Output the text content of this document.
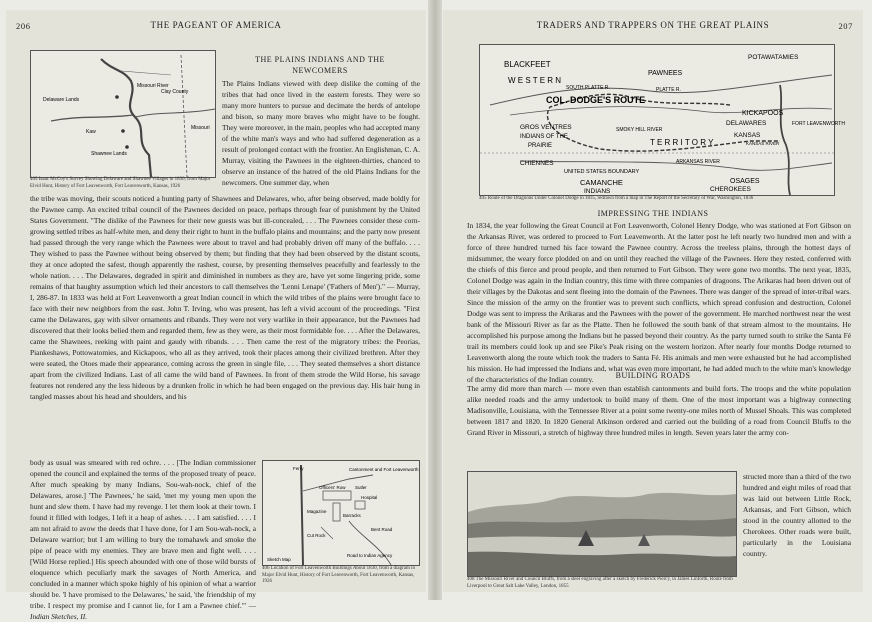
206	THE PAGEANT OF AMERICA
Delaware Lands
Kaw
Missouri River
Shawnee Lands
Clay County
Missouri
405 Isaac McCoy's Survey Showing Delaware and Shawnee Villages in 1830, from Major Elvid Hunt, History of Fort Leavenworth, Fort Leavenworth, Kansas, 1926
THE PLAINS INDIANS AND THE
NEWCOMERS

The Plains Indians viewed with deep dislike the coming of the tribes that had once lived in the eastern forests. They were so many more hunters to pursue and decimate the herds of antelope and bison, so many more braves who might have to be fought. They were moreover, in the main, peoples who had accepted many of the white man's ways and who had suffered degeneration as a result of prolonged contact with the frontier. An Englishman, C. A. Murray, visiting the Pawnees in the eighteen-thirties, chanced to observe an instance of the hatred of the old Plains Indians for the newcomers. One summer day, when

the tribe was moving, their scouts noticed a hunting party of Shawnees and Delawares, who, after being observed, made boldly for the Pawnee camp. An excited tribal council of the Pawnees decided on peace, perhaps through fear of punishment by the United States Government. "The dislike of the Pawnees for their new guests was but ill-concealed, . . . The Pawnees consider these corn-growing settled tribes as half-white men, and deny their right to hunt in the buffalo plains and mountains; and the party now present had passed through the very range which the Pawnees were about to travel and had probably driven off many of the buffalo. . . . They wished to pass the Pawnee without being observed by them; but finding that they had been observed by the distant scouts, they at once adopted the safest, though apparently the rashest, course, by presenting themselves peacefully and fearlessly to the whole nation. . . . The Delawares, degraded in spirit and diminished in numbers as they are, have yet some lingering pride, some remains of that haughty assumption which led their ancestors to call themselves the 'Lenni Lenape' ('Fathers of Men')." — Murray, I, 286-87. In 1833 was held at Fort Leavenworth a great Indian council in which the wild tribes of the plains were brought face to face with their new neighbors from the east. John T. Irving, who was present, has left a vivid account of the proceedings. "First came the Delawares, gay with silver ornaments and ribands. They were not very warlike in their appearance, but the Pawnees had discovered that their looks belied them and regarded them, few as they were, as their most formidable foe. . . . After the Delawares, came the Shawnees, reeking with paint and gaudy with ribands. . . . Then came the rest of the migratory tribes: the Peorias, Piankeshaws, Pottowatomies, and Kickapoos, who all as they arrived, took their places among their civilized brethren. After they were seated, the Otoes made their appearance, coming across the green in single file, . . . They seated themselves a short distance apart from the civilized Indians. Last of all came the wild band of Pawnees. In front of them strode the Wild Horse, his savage features not rendered any the less hideous by a drunken frolic in which he had been engaged on the previous day. His hair hung in tangled masses about his head and shoulders, and his

body as usual was smeared with red ochre. . . . [The Indian commissioner opened the council and explained the terms of the proposed treaty of peace. After much speaking by many Indians, Sou-wah-nock, chief of the Delawares, arose.] 'The Pawnees,' he said, 'met my young men upon the hunt and slew them. I have had my revenge. I let them look at their town. I found it filled with lodges, I left it a heap of ashes. . . . I am satisfied. . . . I am not afraid to avow the deeds that I have done, for I am Sou-wah-nock, a Delaware warrior; but I am willing to bury the tomahawk and smoke the pipe of peace with my enemies. They are brave men and fight well. . . . [Wild Horse replied.] His speech abounded with one of those wild bursts of eloquence which peculiarly mark the savages of North America, and concluded in a manner which spoke highly of his opinion of what a warrior should be. 'I have promised to the Delawares,' he said, 'the friendship of my tribe. I respect my promise and I cannot lie, for I am a Pawnee chief.'" — Indian Sketches, II.

Ferry	Cantonment and Fort Leavenworth
Officers' Row
Magazine
Barracks
Hospital
Cut Rock
Bent Road
Sutler
Road to Indian Agency
Sketch Map
406 Location of Fort Leavenworth Buildings About 1830, from a diagram in Major Elvid Hunt, History of Fort Leavenworth, Fort Leavenworth, Kansas, 1926
TRADERS AND TRAPPERS ON THE GREAT PLAINS	207
BLACKFEET
PAWNEES
POTAWATAMIES
W E S T E R N
COL. DODGE'S ROUTE
SOUTH PLATTE R.	PLATTE R.
KICKAPOOS
DELAWARES	FORT LEAVENWORTH
GROS VENTRES
INDIANS OF THE
PRAIRIE
SMOKY HILL RIVER
KANSAS
KANSAS RIVER
T E R R I T O R Y
CHIENNES
UNITED STATES BOUNDARY
ARKANSAS RIVER
CAMANCHE
INDIANS
OSAGES
CHEROKEES
405 Route of the Dragoons Under Colonel Dodge in 1835, redrawn from a map in The Report of the Secretary of War, Washington, 1836
IMPRESSING THE INDIANS

In 1834, the year following the Great Council at Fort Leavenworth, Colonel Henry Dodge, who was stationed at Fort Gibson on the Arkansas River, was ordered to proceed to Fort Leavenworth. At the latter post he left nearly two hundred men and with a force of three hundred turned his face toward the Pawnee country. Across the treeless plains, through the hottest days of midsummer, the weary force plodded on and on until they reached the village of the Pawnees. Here they rested, conferred with the chiefs of this fierce and proud people, and then returned to Fort Gibson. They were gone two months. The next year, 1835, Colonel Dodge was again in the Indian country, this time with three companies of dragoons. The Arikaras had been driven out of their villages by the Dakotas and sent fleeing into the domain of the Pawnees. There was danger of the spread of inter-tribal wars. Since the mission of the army on the frontier was to prevent such conflicts, which spread confusion and destruction, Colonel Dodge was sent to impress the Arikaras and the Pawnees with the power of the government. He marched northwest near the west bank of the Missouri River as far as the Platte. Then he followed the south bank of that stream almost to the mountains. He accomplished his purpose among the Indians but he passed beyond their country. As the party turned south to strike the Santa Fé trail its members could look up and see Pike's Peak rising on the western horizon. After nearly four months Dodge returned to Leavenworth along the route which took the traders to Santa Fé. His animals and men were exhausted but he had accomplished his mission. He had impressed the Indians and, what was even more important, he had added much to the white man's knowledge of the characteristics of the Indian country.	BUILDING ROADS

The army did more than march — more even than establish cantonments and build forts. The troops and the white population alike needed roads and the army undertook to build many of them. One of the most important was a highway connecting Madisonville, Louisiana, with the Tennessee River at a point some twenty-one miles north of Mussel Shoals. This was completed between 1817 and 1820. In 1820 General Atkinson ordered and carried out the building of a road from Council Bluffs to the Grand River in Missouri, a stretch of highway three hundred miles in length. Seven years later the army con-

408 The Missouri River and Council Bluffs, from a steel engraving after a sketch by Frederick Piercy, in James Linforth, Route from Liverpool to Great Salt Lake Valley, London, 1855

structed more than a third of the two hundred and eight miles of road that was laid out between Little Rock, Arkansas, and Fort Gibson, which stood in the country allotted to the Cherokees. Other roads were built, particularly in the Louisiana country.
